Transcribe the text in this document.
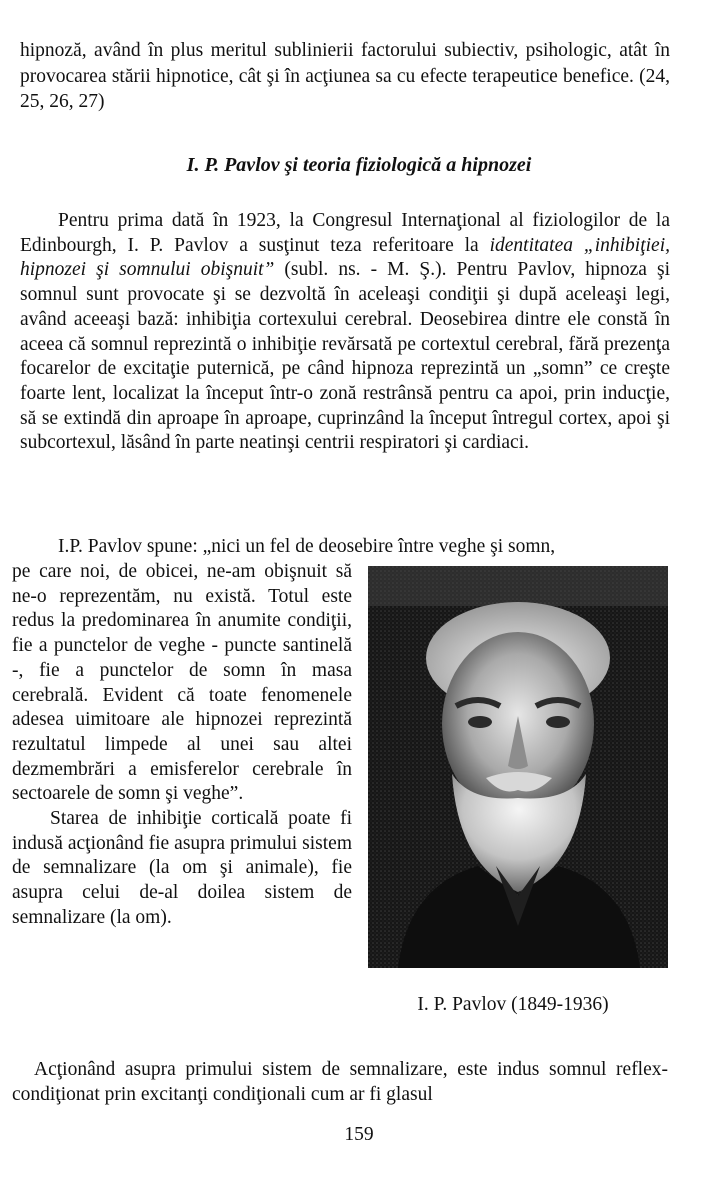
hipnoză, având în plus meritul sublinierii factorului subiectiv, psihologic, atât în provocarea stării hipnotice, cât şi în acţiunea sa cu efecte terapeutice benefice. (24, 25, 26, 27)

I. P. Pavlov şi teoria fiziologică a hipnozei

Pentru prima dată în 1923, la Congresul Internaţional al fiziologilor de la Edinbourgh, I. P. Pavlov a susţinut teza referitoare la identitatea „inhibiţiei, hipnozei şi somnului obişnuit” (subl. ns. - M. Ş.). Pentru Pavlov, hipnoza şi somnul sunt provocate şi se dezvoltă în aceleaşi condiţii şi după aceleaşi legi, având aceeaşi bază: inhibiţia cortexului cerebral. Deosebirea dintre ele constă în aceea că somnul reprezintă o inhibiţie revărsată pe cortextul cerebral, fără prezenţa focarelor de excitaţie puternică, pe când hipnoza reprezintă un „somn” ce creşte foarte lent, localizat la început într-o zonă restrânsă pentru ca apoi, prin inducţie, să se extindă din aproape în aproape, cuprinzând la început întregul cortex, apoi şi subcortexul, lăsând în parte neatinşi centrii respiratori şi cardiaci.

I.P. Pavlov spune: „nici un fel de deosebire între veghe şi somn,

pe care noi, de obicei, ne-am obişnuit să ne-o reprezentăm, nu există. Totul este redus la predominarea în anumite condiţii, fie a punctelor de veghe - puncte santinelă -, fie a punctelor de somn în masa cerebrală. Evident că toate fenomenele adesea uimitoare ale hipnozei reprezintă rezultatul limpede al unei sau altei dezmembrări a emisferelor cerebrale în sectoarele de somn şi veghe”.

Starea de inhibiţie corticală poate fi indusă acţionând fie asupra primului sistem de semnalizare (la om şi animale), fie asupra celui de-al doilea sistem de semnalizare (la om).

I. P. Pavlov (1849-1936)

Acţionând asupra primului sistem de semnalizare, este indus somnul reflex-condiţionat prin excitanţi condiţionali cum ar fi glasul

159
